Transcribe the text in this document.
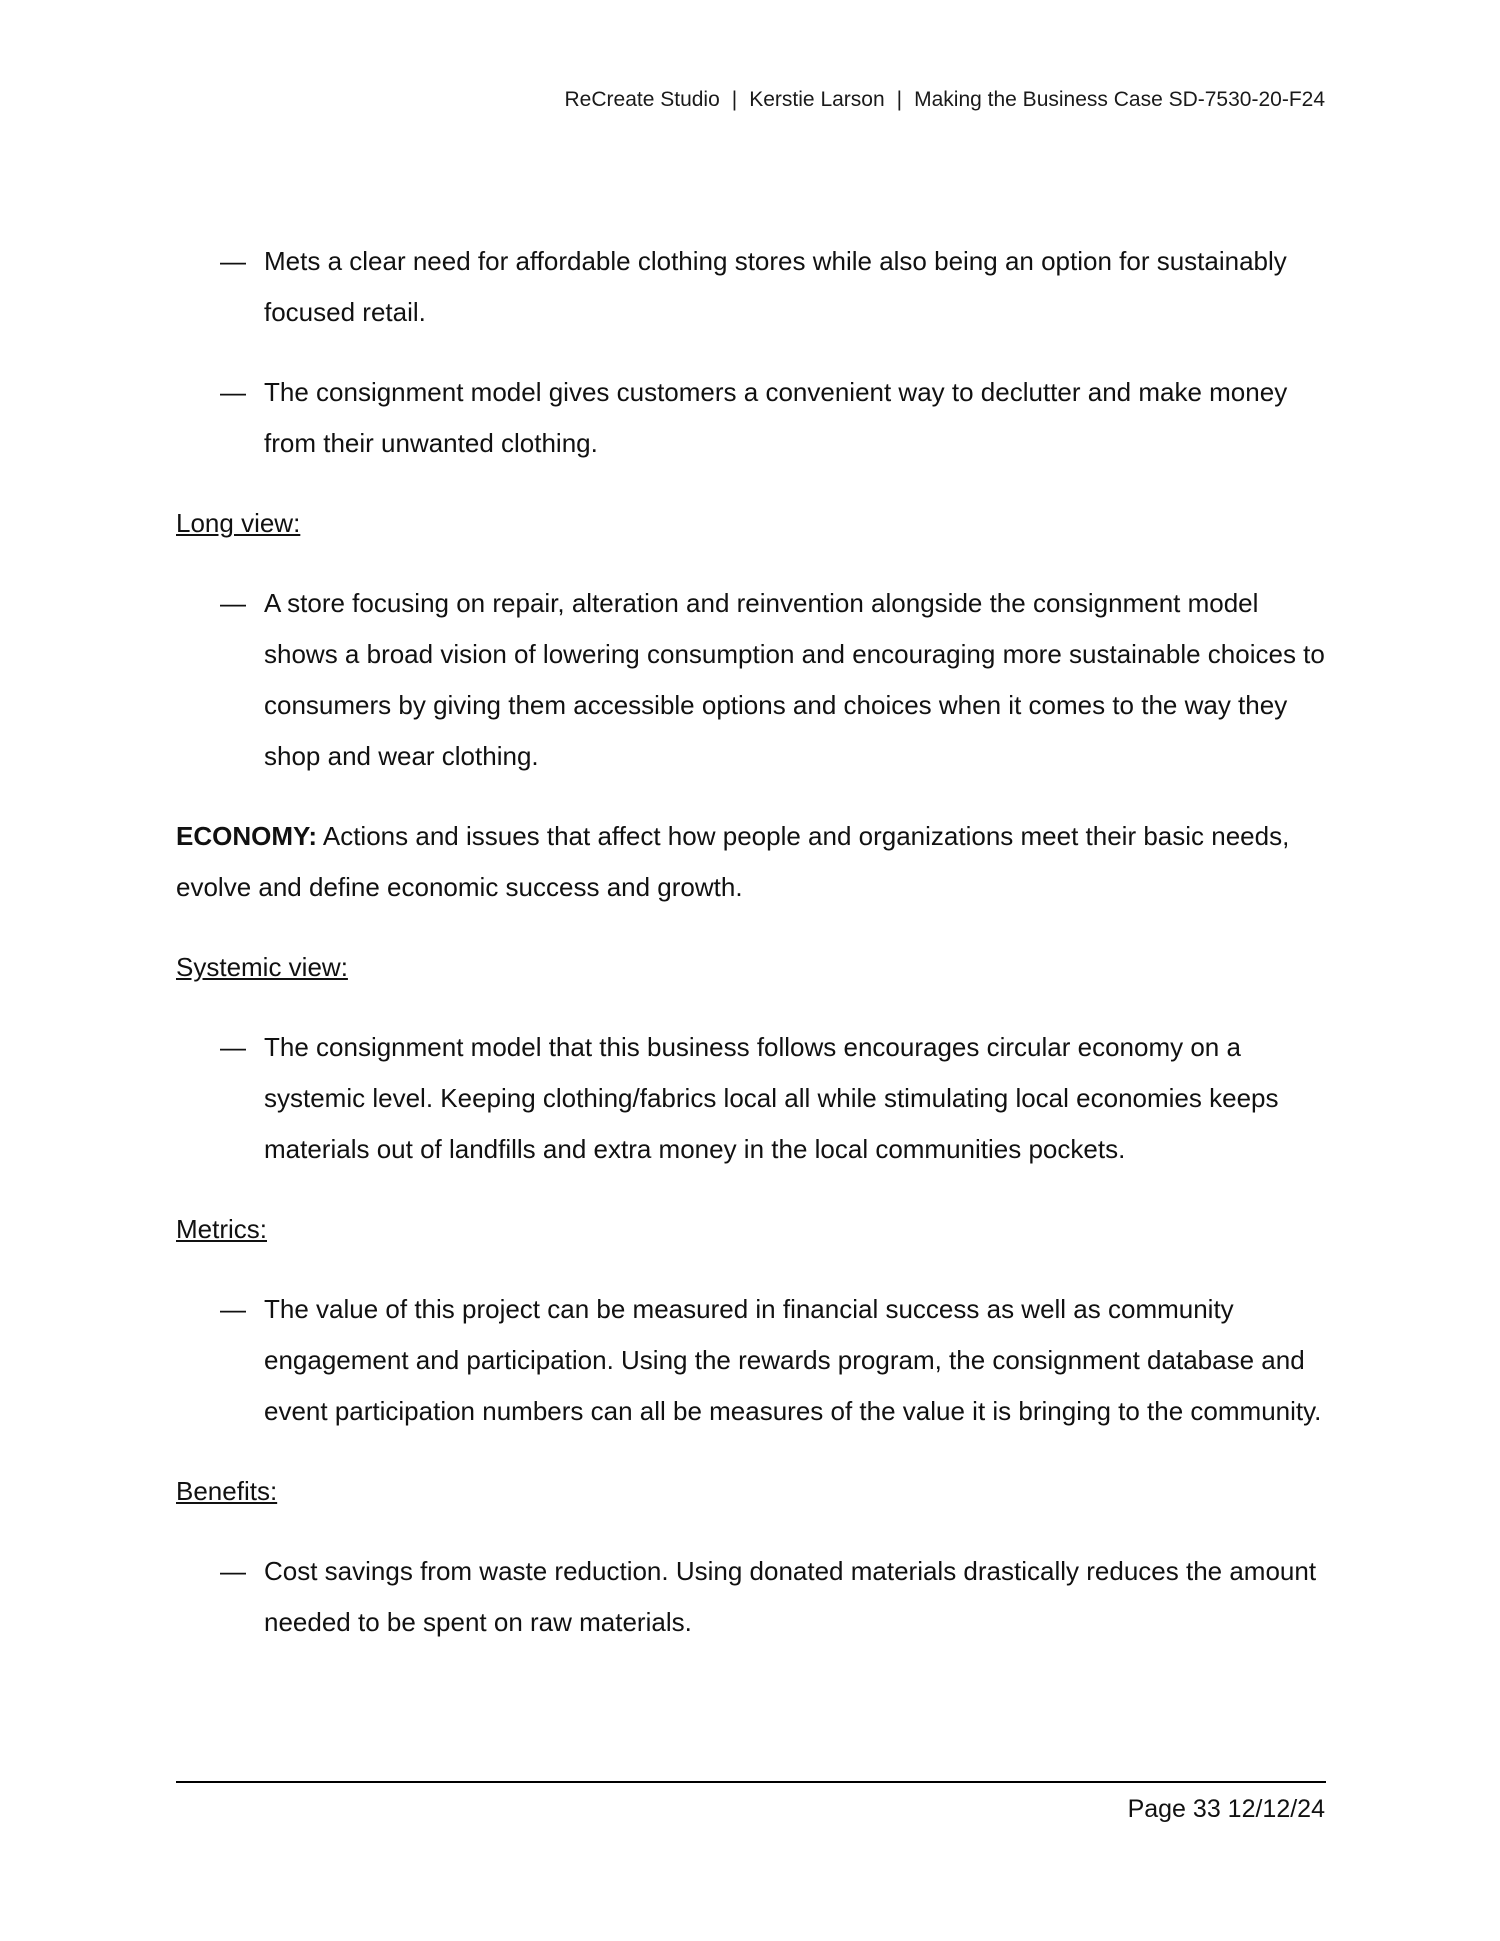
ReCreate Studio | Kerstie Larson | Making the Business Case SD-7530-20-F24
— Mets a clear need for affordable clothing stores while also being an option for sustainably focused retail.
— The consignment model gives customers a convenient way to declutter and make money from their unwanted clothing.
Long view:
— A store focusing on repair, alteration and reinvention alongside the consignment model shows a broad vision of lowering consumption and encouraging more sustainable choices to consumers by giving them accessible options and choices when it comes to the way they shop and wear clothing.
ECONOMY: Actions and issues that affect how people and organizations meet their basic needs, evolve and define economic success and growth.
Systemic view:
— The consignment model that this business follows encourages circular economy on a systemic level. Keeping clothing/fabrics local all while stimulating local economies keeps materials out of landfills and extra money in the local communities pockets.
Metrics:
— The value of this project can be measured in financial success as well as community engagement and participation. Using the rewards program, the consignment database and event participation numbers can all be measures of the value it is bringing to the community.
Benefits:
— Cost savings from waste reduction. Using donated materials drastically reduces the amount needed to be spent on raw materials.
Page 33 12/12/24
